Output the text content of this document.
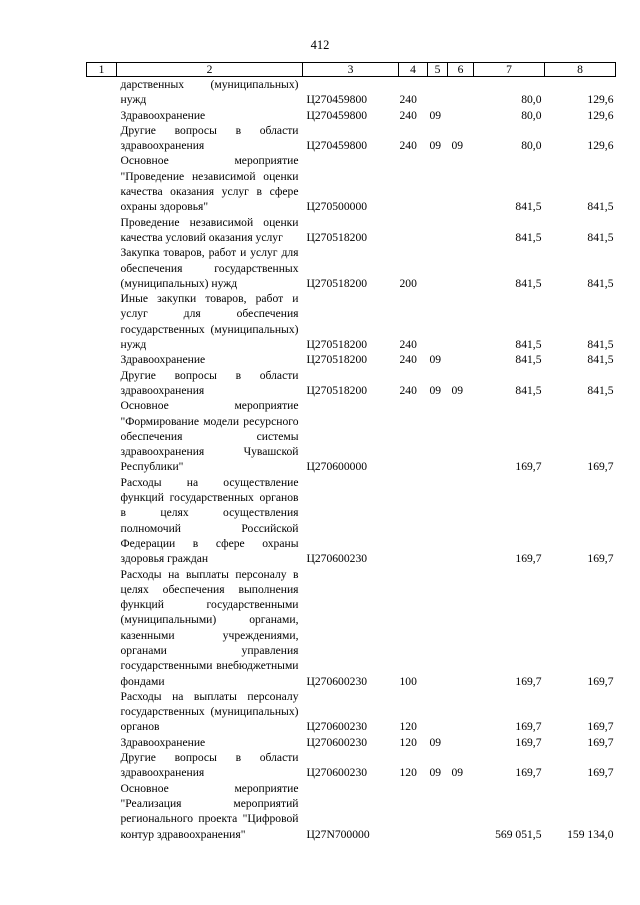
412
1	2	3	4	5	6	7	8

	дарственных (муниципальных) нужд	Ц270459800	240			80,0	129,6

	Здравоохранение	Ц270459800	240	09		80,0	129,6

	Другие вопросы в области здравоохранения	Ц270459800	240	09	09	80,0	129,6

	Основное мероприятие "Проведение независимой оценки качества оказания услуг в сфере охраны здоровья"	Ц270500000				841,5	841,5

	Проведение независимой оценки качества условий оказания услуг	Ц270518200				841,5	841,5

	Закупка товаров, работ и услуг для обеспечения государственных (муниципальных) нужд	Ц270518200	200			841,5	841,5

	Иные закупки товаров, работ и услуг для обеспечения государственных (муниципальных) нужд	Ц270518200	240			841,5	841,5

	Здравоохранение	Ц270518200	240	09		841,5	841,5

	Другие вопросы в области здравоохранения	Ц270518200	240	09	09	841,5	841,5

	Основное мероприятие "Формирование модели ресурсного обеспечения системы здравоохранения Чувашской Республики"	Ц270600000				169,7	169,7

	Расходы на осуществление функций государственных органов в целях осуществления полномочий Российской Федерации в сфере охраны здоровья граждан	Ц270600230				169,7	169,7

	Расходы на выплаты персоналу в целях обеспечения выполнения функций государственными (муниципальными) органами, казенными учреждениями, органами управления государственными внебюджетными фондами	Ц270600230	100			169,7	169,7

	Расходы на выплаты персоналу государственных (муниципальных) органов	Ц270600230	120			169,7	169,7

	Здравоохранение	Ц270600230	120	09		169,7	169,7

	Другие вопросы в области здравоохранения	Ц270600230	120	09	09	169,7	169,7

	Основное мероприятие "Реализация мероприятий регионального проекта "Цифровой контур здравоохранения"	Ц27N700000				569 051,5	159 134,0
